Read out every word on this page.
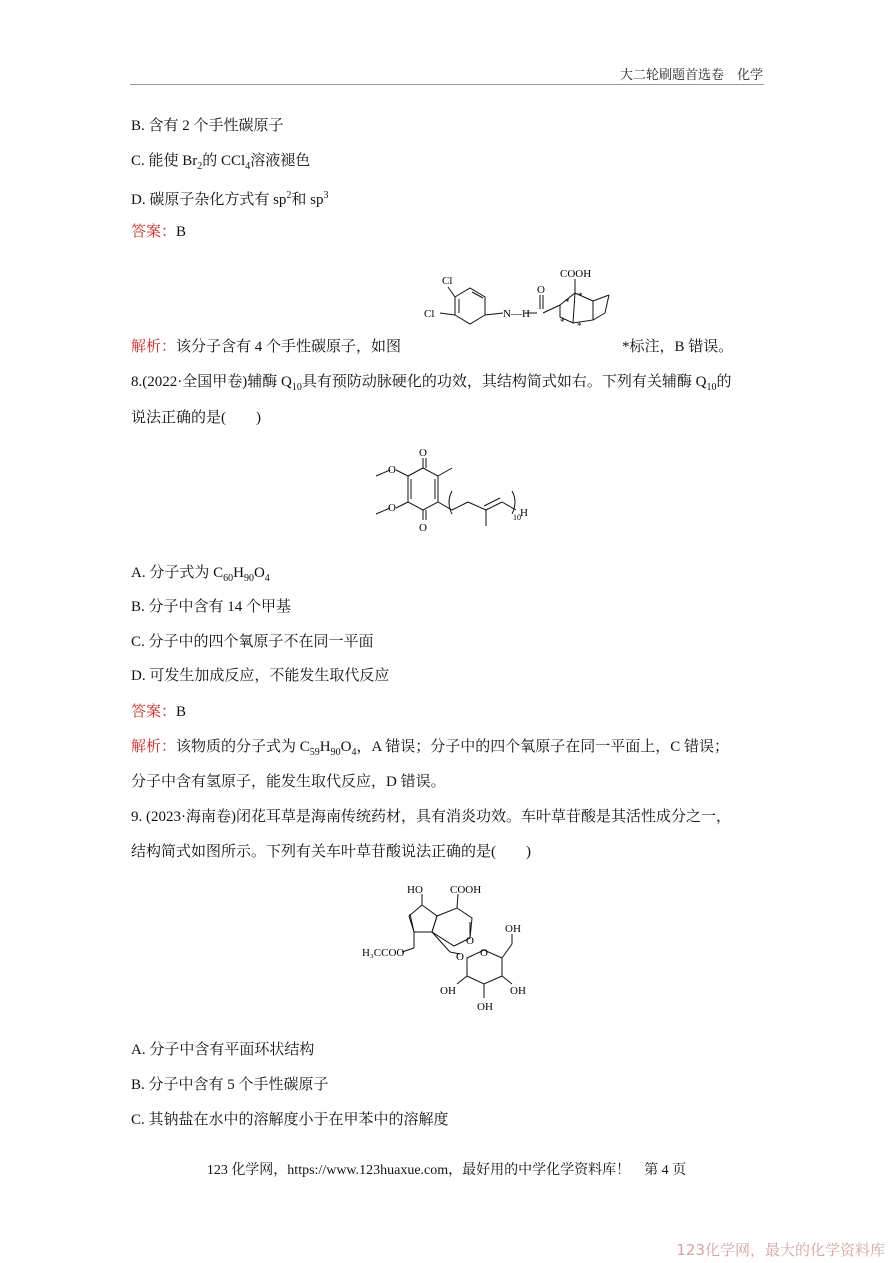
大二轮刷题首选卷　化学
B. 含有 2 个手性碳原子
C. 能使 $Br_2$的 CCl$_4$溶液褪色
D. 碳原子杂化方式有 $sp^2$和 $sp^3$
答案：B
Cl
Cl	N—H
O
COOH
*
*
* *
解析：该分子含有 4 个手性碳原子，如图	*标注，B 错误。
8.(2022·全国甲卷)辅酶 $Q_{10}$具有预防动脉硬化的功效，其结构简式如右。下列有关辅酶 $Q_{10}$的
说法正确的是(　　)
O
O
O
O
10 H
A. 分子式为 $C_{60}H_{90}O_4$
B. 分子中含有 14 个甲基
C. 分子中的四个氧原子不在同一平面
D. 可发生加成反应，不能发生取代反应
答案：B
解析：该物质的分子式为 $C_{59}H_{90}O_4$，A 错误；分子中的四个氧原子在同一平面上，C 错误；
分子中含有氢原子，能发生取代反应，D 错误。
9. (2023·海南卷)闭花耳草是海南传统药材，具有消炎功效。车叶草苷酸是其活性成分之一，
结构简式如图所示。下列有关车叶草苷酸说法正确的是(　　)
HO COOH
O
H₃CCOO	O O
OH
OH
OH
OH
A. 分子中含有平面环状结构
B. 分子中含有 5 个手性碳原子
C. 其钠盐在水中的溶解度小于在甲苯中的溶解度
123 化学网，https://www.123huaxue.com，最好用的中学化学资料库！　第 4 页
123化学网，最大的化学资料库
